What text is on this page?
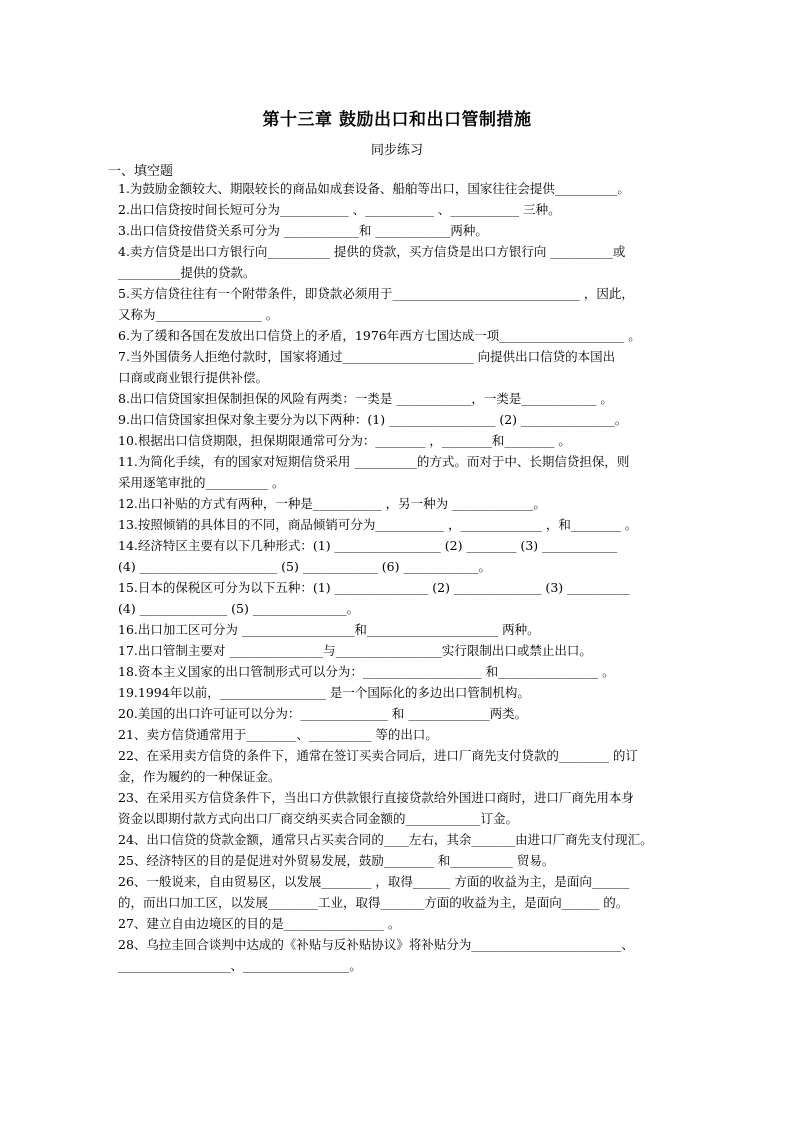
第十三章 鼓励出口和出口管制措施
同步练习
一、填空题
1.为鼓励金额较大、期限较长的商品如成套设备、船舶等出口，国家往往会提供__________。
2.出口信贷按时间长短可分为___________ 、___________ 、___________ 三种。
3.出口信贷按借贷关系可分为 ____________和 ____________两种。
4.卖方信贷是出口方银行向__________ 提供的贷款，买方信贷是出口方银行向 __________或
__________提供的贷款。
5.买方信贷往往有一个附带条件，即贷款必须用于______________________________ ，因此，
又称为_________________ 。
6.为了缓和各国在发放出口信贷上的矛盾，1976年西方七国达成一项____________________ 。
7.当外国债务人拒绝付款时，国家将通过_____________________ 向提供出口信贷的本国出
口商或商业银行提供补偿。
8.出口信贷国家担保制担保的风险有两类：一类是 ____________，一类是____________ 。
9.出口信贷国家担保对象主要分为以下两种：(1) _________________ (2) _______________。
10.根据出口信贷期限，担保期限通常可分为：________ ，________和________ 。
11.为简化手续，有的国家对短期信贷采用 __________的方式。而对于中、长期信贷担保，则
采用逐笔审批的__________ 。
12.出口补贴的方式有两种，一种是___________ ，另一种为 _____________。
13.按照倾销的具体目的不同，商品倾销可分为___________ ，_____________ ，和________ 。
14.经济特区主要有以下几种形式：(1) _________________ (2) ________ (3) ____________
(4) ______________________ (5) ____________ (6) ____________。
15.日本的保税区可分为以下五种：(1) _______________ (2) ______________ (3) __________
(4) ______________ (5) _______________。
16.出口加工区可分为 __________________和_____________________ 两种。
17.出口管制主要对 _______________与_________________实行限制出口或禁止出口。
18.资本主义国家的出口管制形式可以分为：___________________ 和________________ 。
19.1994年以前，_________________ 是一个国际化的多边出口管制机构。
20.美国的出口许可证可以分为：______________ 和 _____________两类。
21、卖方信贷通常用于________、__________ 等的出口。
22、在采用卖方信贷的条件下，通常在签订买卖合同后，进口厂商先支付贷款的________ 的订
金，作为履约的一种保证金。
23、在采用买方信贷条件下，当出口方供款银行直接贷款给外国进口商时，进口厂商先用本身
资金以即期付款方式向出口厂商交纳买卖合同金额的____________订金。
24、出口信贷的贷款金额，通常只占买卖合同的____左右，其余_______由进口厂商先支付现汇。
25、经济特区的目的是促进对外贸易发展，鼓励________ 和__________ 贸易。
26、一般说来，自由贸易区，以发展________ ，取得______ 方面的收益为主，是面向______
的，而出口加工区，以发展________工业，取得_______方面的收益为主，是面向______ 的。
27、建立自由边境区的目的是________________ 。
28、乌拉圭回合谈判中达成的《补贴与反补贴协议》将补贴分为________________________、
__________________、_________________。
